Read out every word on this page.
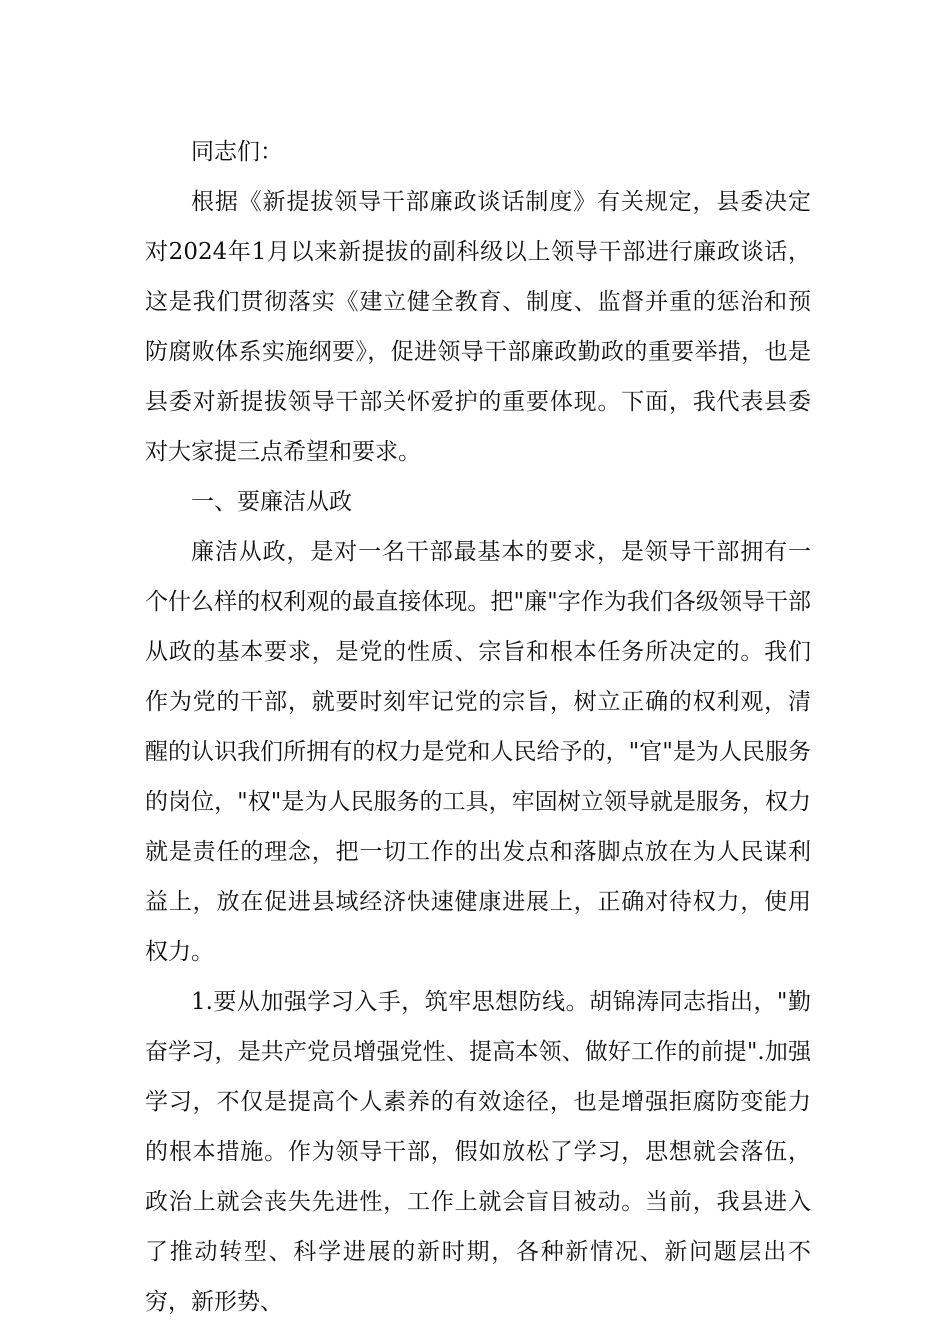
同志们：

根据《新提拔领导干部廉政谈话制度》有关规定，县委决定对2024年1月以来新提拔的副科级以上领导干部进行廉政谈话，这是我们贯彻落实《建立健全教育、制度、监督并重的惩治和预防腐败体系实施纲要》，促进领导干部廉政勤政的重要举措，也是县委对新提拔领导干部关怀爱护的重要体现。下面，我代表县委对大家提三点希望和要求。

一、要廉洁从政

廉洁从政，是对一名干部最基本的要求，是领导干部拥有一个什么样的权利观的最直接体现。把"廉"字作为我们各级领导干部从政的基本要求，是党的性质、宗旨和根本任务所决定的。我们作为党的干部，就要时刻牢记党的宗旨，树立正确的权利观，清醒的认识我们所拥有的权力是党和人民给予的，"官"是为人民服务的岗位，"权"是为人民服务的工具，牢固树立领导就是服务，权力就是责任的理念，把一切工作的出发点和落脚点放在为人民谋利益上，放在促进县域经济快速健康进展上，正确对待权力，使用权力。

1.要从加强学习入手，筑牢思想防线。胡锦涛同志指出，"勤奋学习，是共产党员增强党性、提高本领、做好工作的前提".加强学习，不仅是提高个人素养的有效途径，也是增强拒腐防变能力的根本措施。作为领导干部，假如放松了学习，思想就会落伍，政治上就会丧失先进性，工作上就会盲目被动。当前，我县进入了推动转型、科学进展的新时期，各种新情况、新问题层出不穷，新形势、
